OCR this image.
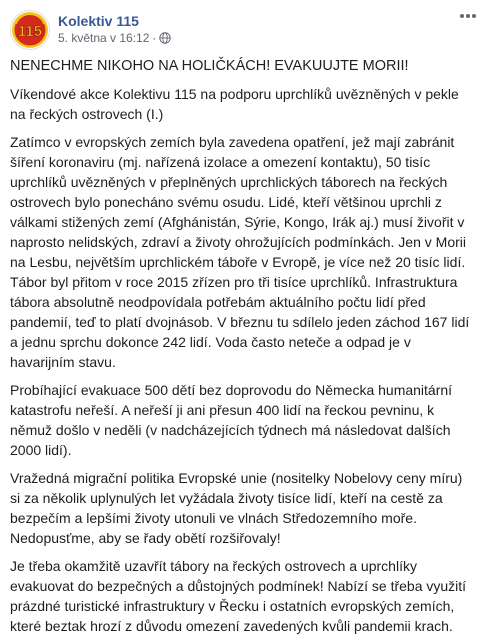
115
Kolektiv 115
5. května v 16:12 ·

NENECHME NIKOHO NA HOLIČKÁCH! EVAKUUJTE MORII!

Víkendové akce Kolektivu 115 na podporu uprchlíků uvězněných v pekle na řeckých ostrovech (I.)

Zatímco v evropských zemích byla zavedena opatření, jež mají zabránit šíření koronaviru (mj. nařízená izolace a omezení kontaktu), 50 tisíc uprchlíků uvězněných v přeplněných uprchlických táborech na řeckých ostrovech bylo ponecháno svému osudu. Lidé, kteří většinou uprchli z válkami stižených zemí (Afghánistán, Sýrie, Kongo, Irák aj.) musí živořit v naprosto nelidských, zdraví a životy ohrožujících podmínkách. Jen v Morii na Lesbu, největším uprchlickém táboře v Evropě, je více než 20 tisíc lidí. Tábor byl přitom v roce 2015 zřízen pro tři tisíce uprchlíků. Infrastruktura tábora absolutně neodpovídala potřebám aktuálního počtu lidí před pandemií, teď to platí dvojnásob. V březnu tu sdílelo jeden záchod 167 lidí a jednu sprchu dokonce 242 lidí. Voda často neteče a odpad je v havarijním stavu.

Probíhající evakuace 500 dětí bez doprovodu do Německa humanitární katastrofu neřeší. A neřeší ji ani přesun 400 lidí na řeckou pevninu, k němuž došlo v neděli (v nadcházejících týdnech má následovat dalších 2000 lidí).

Vražedná migrační politika Evropské unie (nositelky Nobelovy ceny míru) si za několik uplynulých let vyžádala životy tisíce lidí, kteří na cestě za bezpečím a lepšími životy utonuli ve vlnách Středozemního moře. Nedopusťme, aby se řady obětí rozšiřovaly!

Je třeba okamžitě uzavřít tábory na řeckých ostrovech a uprchlíky evakuovat do bezpečných a důstojných podmínek! Nabízí se třeba využití prázdné turistické infrastruktury v Řecku i ostatních evropských zemích, které beztak hrozí z důvodu omezení zavedených kvůli pandemii krach.
